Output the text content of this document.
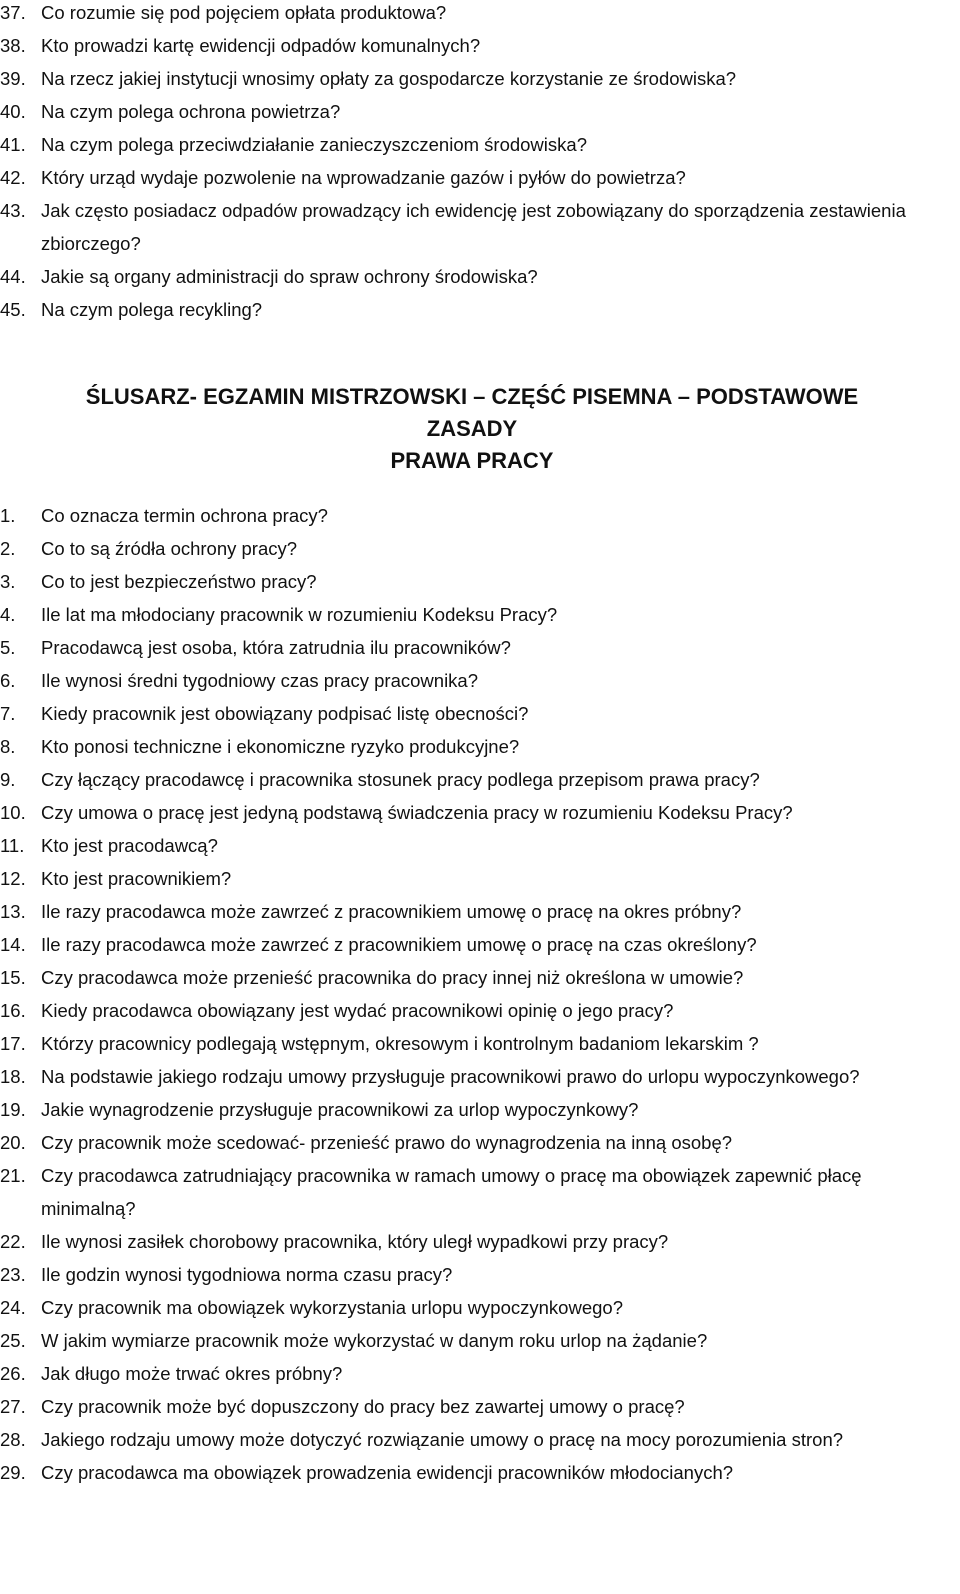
37. Co rozumie się pod pojęciem opłata produktowa?
38. Kto prowadzi kartę ewidencji odpadów komunalnych?
39. Na rzecz jakiej instytucji wnosimy opłaty za gospodarcze korzystanie ze środowiska?
40. Na czym polega ochrona powietrza?
41. Na czym polega przeciwdziałanie zanieczyszczeniom środowiska?
42. Który urząd wydaje pozwolenie na wprowadzanie gazów i pyłów do powietrza?
43. Jak często posiadacz odpadów prowadzący ich ewidencję jest zobowiązany do sporządzenia zestawienia zbiorczego?
44. Jakie są organy administracji do spraw ochrony środowiska?
45. Na czym polega recykling?
ŚLUSARZ- EGZAMIN MISTRZOWSKI – CZĘŚĆ PISEMNA – PODSTAWOWE
ZASADY
PRAWA PRACY
1.	Co oznacza termin ochrona pracy?
2.	Co to są źródła ochrony pracy?
3.	Co to jest bezpieczeństwo pracy?
4.	Ile lat ma młodociany pracownik w rozumieniu Kodeksu Pracy?
5.	Pracodawcą jest osoba, która zatrudnia ilu pracowników?
6.	Ile wynosi średni tygodniowy czas pracy pracownika?
7.	Kiedy pracownik jest obowiązany podpisać listę obecności?
8.	Kto ponosi techniczne i ekonomiczne ryzyko produkcyjne?
9.	Czy łączący pracodawcę i pracownika stosunek pracy podlega przepisom prawa pracy?
10. Czy umowa o pracę jest jedyną podstawą świadczenia pracy w rozumieniu Kodeksu Pracy?
11. Kto jest pracodawcą?
12. Kto jest pracownikiem?
13. Ile razy pracodawca może zawrzeć z pracownikiem umowę o pracę na okres próbny?
14. Ile razy pracodawca może zawrzeć z pracownikiem umowę o pracę na czas określony?
15. Czy pracodawca może przenieść pracownika do pracy innej niż określona w umowie?
16. Kiedy pracodawca obowiązany jest wydać pracownikowi opinię o jego pracy?
17. Którzy pracownicy podlegają wstępnym, okresowym i kontrolnym badaniom lekarskim ?
18. Na podstawie jakiego rodzaju umowy przysługuje pracownikowi prawo do urlopu wypoczynkowego?
19. Jakie wynagrodzenie przysługuje pracownikowi za urlop wypoczynkowy?
20. Czy pracownik może scedować- przenieść prawo do wynagrodzenia na inną osobę?
21. Czy pracodawca zatrudniający pracownika w ramach umowy o pracę ma obowiązek zapewnić płacę minimalną?
22. Ile wynosi zasiłek chorobowy pracownika, który uległ wypadkowi przy pracy?
23. Ile godzin wynosi tygodniowa norma czasu pracy?
24. Czy pracownik ma obowiązek wykorzystania urlopu wypoczynkowego?
25. W jakim wymiarze pracownik może wykorzystać w danym roku urlop na żądanie?
26. Jak długo może trwać okres próbny?
27. Czy pracownik może być dopuszczony do pracy bez zawartej umowy o pracę?
28. Jakiego rodzaju umowy może dotyczyć rozwiązanie umowy o pracę na mocy porozumienia stron?
29. Czy pracodawca ma obowiązek prowadzenia ewidencji pracowników młodocianych?
